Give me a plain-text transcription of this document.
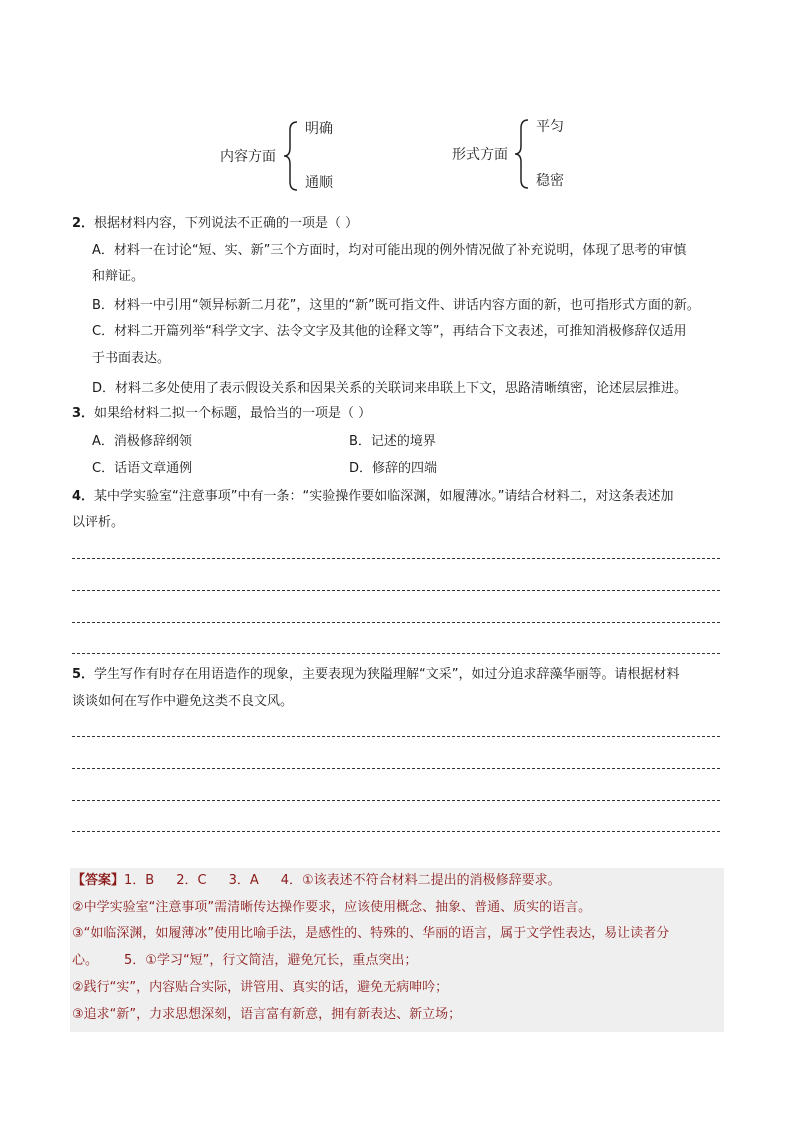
内容方面
明确
通顺
形式方面
平匀
稳密
2．根据材料内容，下列说法不正确的一项是（ ）
A．材料一在讨论“短、实、新”三个方面时，均对可能出现的例外情况做了补充说明，体现了思考的审慎
和辩证。
B．材料一中引用“领异标新二月花”，这里的“新”既可指文件、讲话内容方面的新，也可指形式方面的新。
C．材料二开篇列举“科学文字、法令文字及其他的诠释文等”，再结合下文表述，可推知消极修辞仅适用
于书面表达。
D．材料二多处使用了表示假设关系和因果关系的关联词来串联上下文，思路清晰缜密，论述层层推进。
3．如果给材料二拟一个标题，最恰当的一项是（ ）
A．消极修辞纲领	B．记述的境界
C．话语文章通例	D．修辞的四端
4．某中学实验室“注意事项”中有一条：“实验操作要如临深渊，如履薄冰。”请结合材料二，对这条表述加
以评析。
5．学生写作有时存在用语造作的现象，主要表现为狭隘理解“文采”，如过分追求辞藻华丽等。请根据材料
谈谈如何在写作中避免这类不良文风。
【答案】1．B 2．C 3．A 4．①该表述不符合材料二提出的消极修辞要求。
②中学实验室“注意事项”需清晰传达操作要求，应该使用概念、抽象、普通、质实的语言。
③“如临深渊，如履薄冰”使用比喻手法，是感性的、特殊的、华丽的语言，属于文学性表达，易让读者分
心。 5．①学习“短”，行文简洁，避免冗长，重点突出；
②践行“实”，内容贴合实际，讲管用、真实的话，避免无病呻吟；
③追求“新”，力求思想深刻，语言富有新意，拥有新表达、新立场；
